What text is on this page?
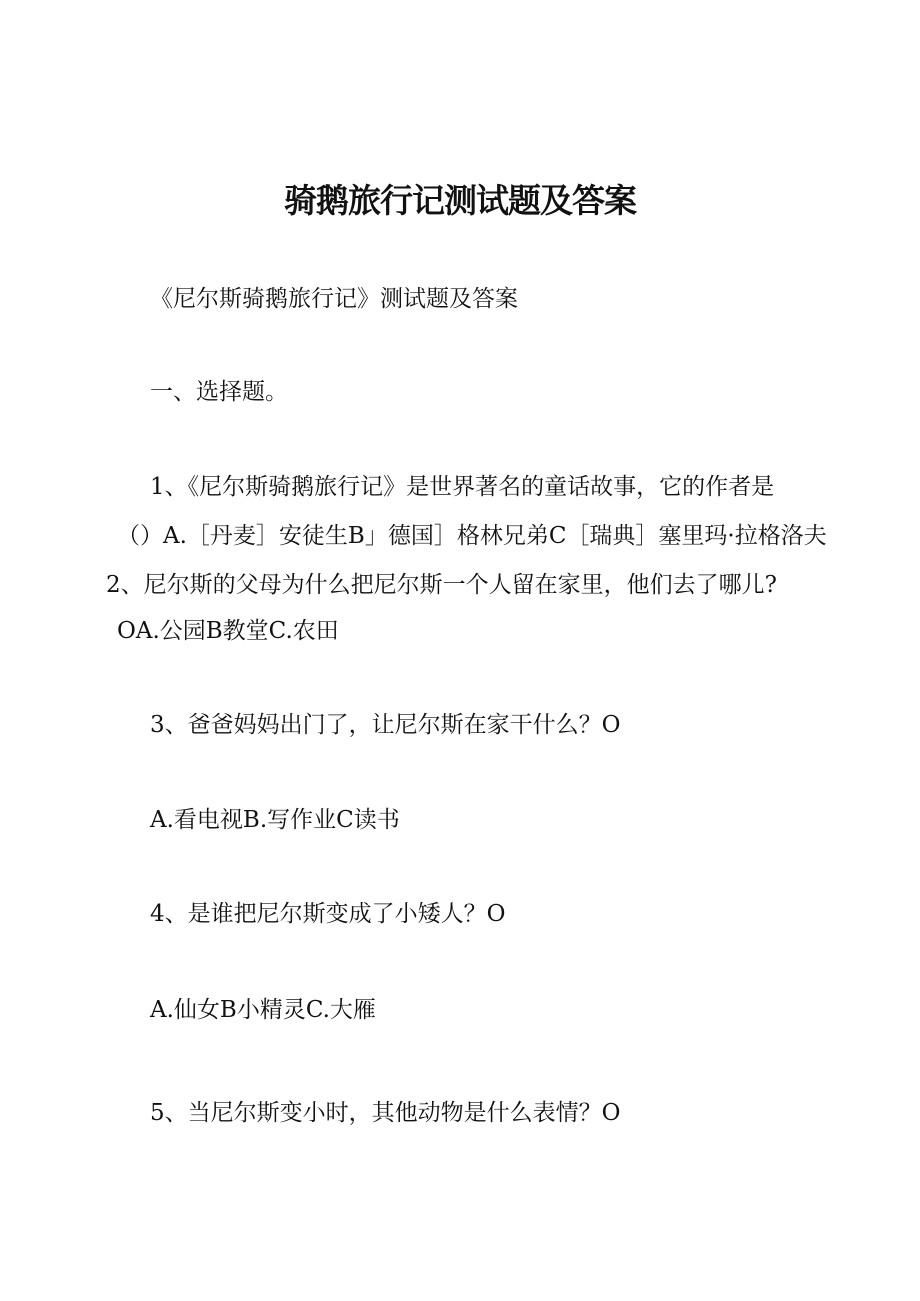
骑鹅旅行记测试题及答案
《尼尔斯骑鹅旅行记》测试题及答案
一、选择题。
1、《尼尔斯骑鹅旅行记》是世界著名的童话故事，它的作者是
（）A.［丹麦］安徒生B」德国］格林兄弟C［瑞典］塞里玛·拉格洛夫
2、尼尔斯的父母为什么把尼尔斯一个人留在家里，他们去了哪儿?
OA.公园B教堂C.农田
3、爸爸妈妈出门了，让尼尔斯在家干什么？O
A.看电视B.写作业C读书
4、是谁把尼尔斯变成了小矮人？O
A.仙女B小精灵C.大雁
5、当尼尔斯变小时，其他动物是什么表情？O
